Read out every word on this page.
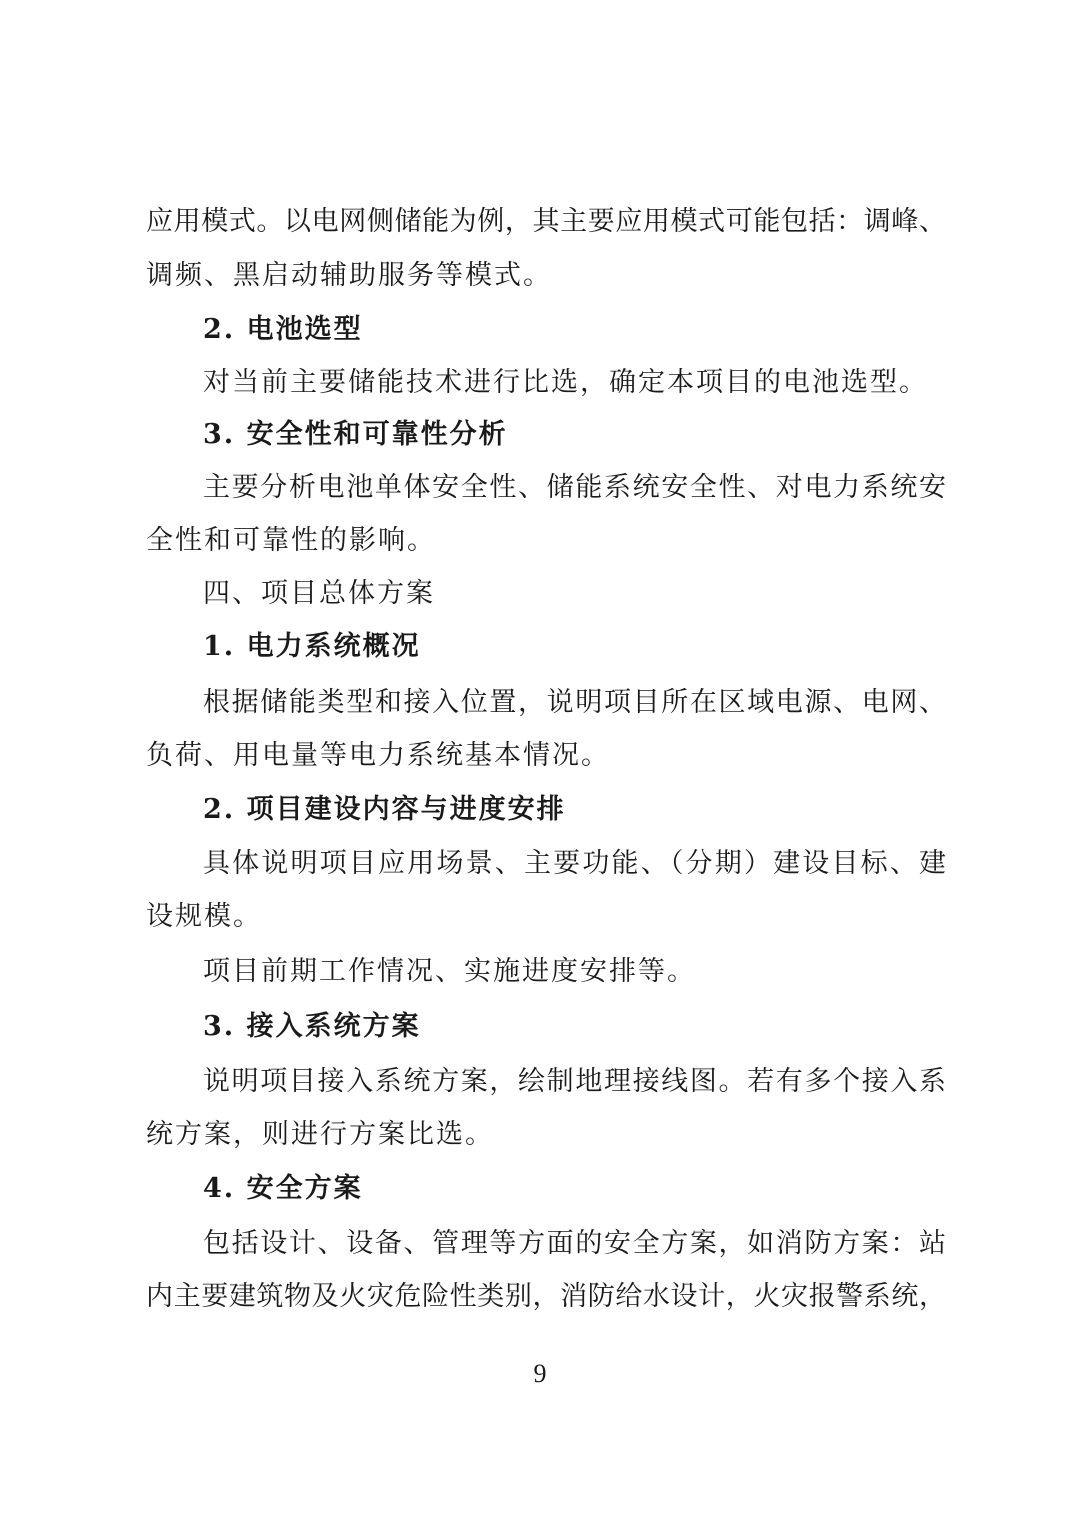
应用模式。以电网侧储能为例，其主要应用模式可能包括：调峰、
调频、黑启动辅助服务等模式。
2. 电池选型
对当前主要储能技术进行比选，确定本项目的电池选型。
3. 安全性和可靠性分析
主要分析电池单体安全性、储能系统安全性、对电力系统安
全性和可靠性的影响。
四、项目总体方案
1. 电力系统概况
根据储能类型和接入位置，说明项目所在区域电源、电网、
负荷、用电量等电力系统基本情况。
2. 项目建设内容与进度安排
具体说明项目应用场景、主要功能、（分期）建设目标、建
设规模。
项目前期工作情况、实施进度安排等。
3. 接入系统方案
说明项目接入系统方案，绘制地理接线图。若有多个接入系
统方案，则进行方案比选。
4. 安全方案
包括设计、设备、管理等方面的安全方案，如消防方案：站
内主要建筑物及火灾危险性类别，消防给水设计，火灾报警系统，
9
